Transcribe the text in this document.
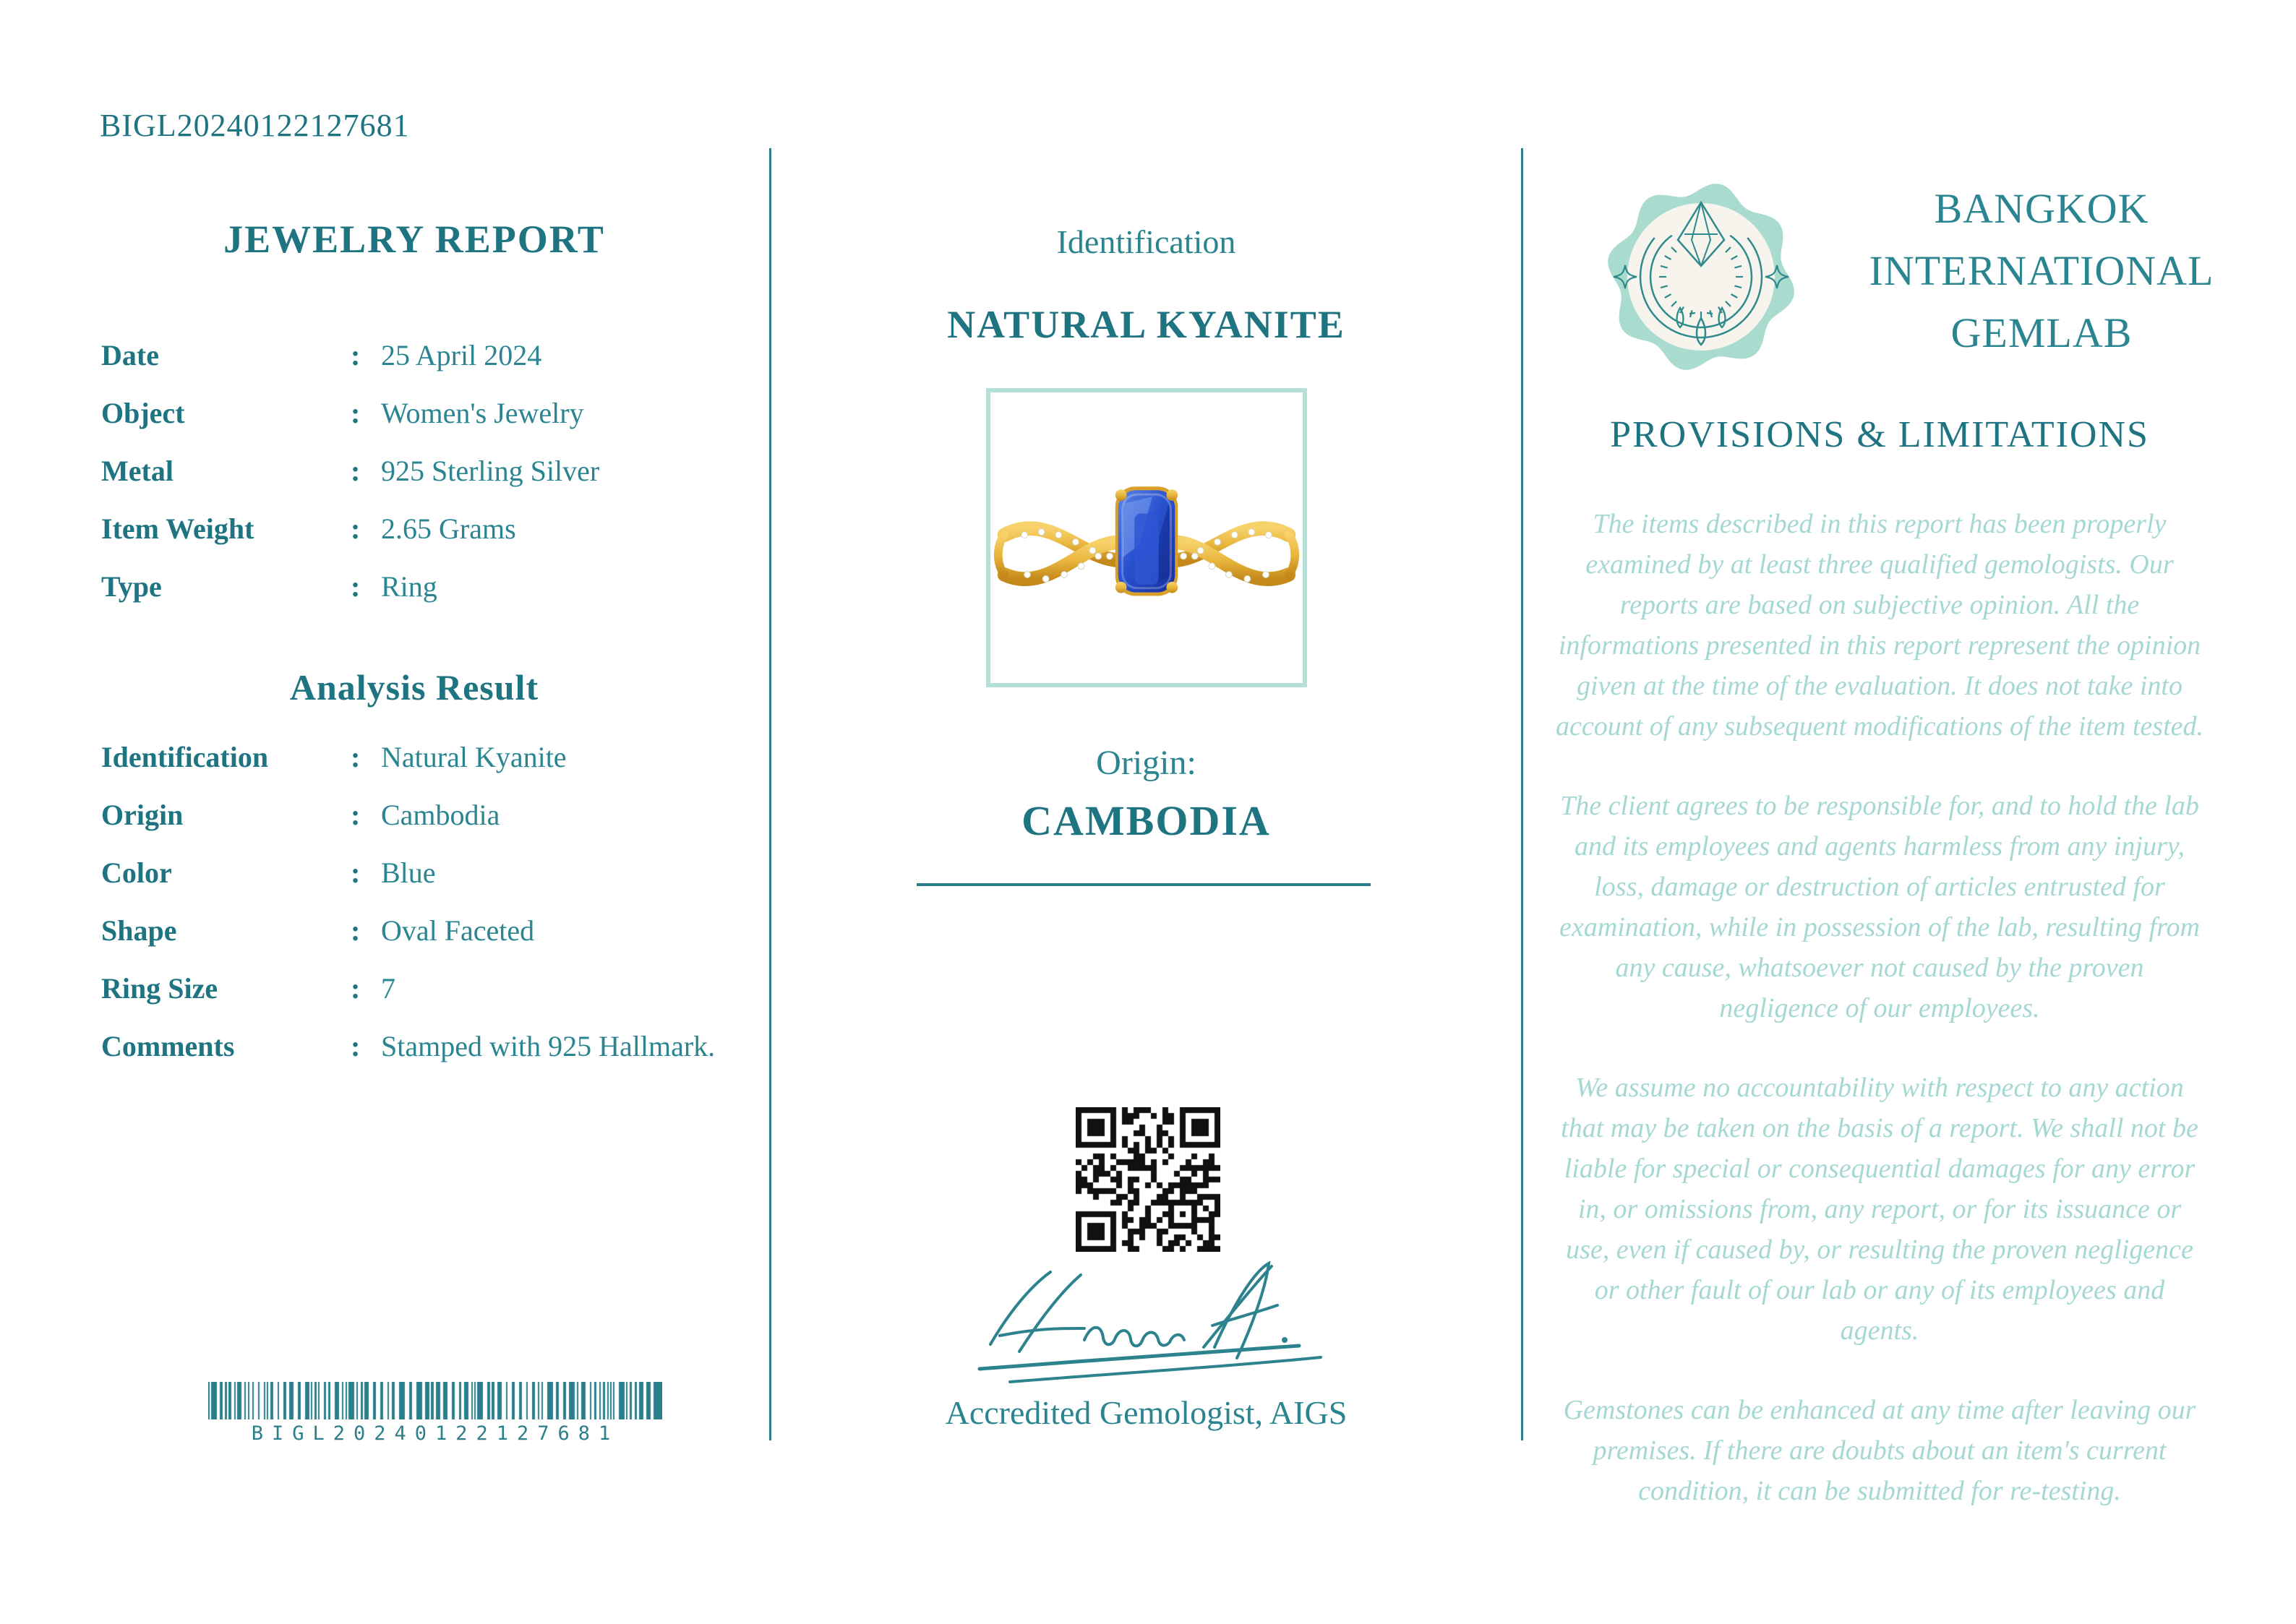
BIGL20240122127681
JEWELRY REPORT
Date	: 25 April 2024
Object	: Women's Jewelry
Metal	: 925 Sterling Silver
Item Weight	: 2.65 Grams
Type	: Ring
Analysis Result
Identification	: Natural Kyanite
Origin	: Cambodia
Color	: Blue
Shape	: Oval Faceted
Ring Size	: 7
Comments	: Stamped with 925 Hallmark.
BIGL20240122127681
Identification
NATURAL KYANITE
Origin:
CAMBODIA
Accredited Gemologist, AIGS
BANGKOK
INTERNATIONAL
GEMLAB
PROVISIONS & LIMITATIONS

The items described in this report has been properly examined by at least three qualified gemologists. Our reports are based on subjective opinion. All the informations presented in this report represent the opinion given at the time of the evaluation. It does not take into account of any subsequent modifications of the item tested.

The client agrees to be responsible for, and to hold the lab and its employees and agents harmless from any injury, loss, damage or destruction of articles entrusted for examination, while in possession of the lab, resulting from any cause, whatsoever not caused by the proven negligence of our employees.

We assume no accountability with respect to any action that may be taken on the basis of a report. We shall not be liable for special or consequential damages for any error in, or omissions from, any report, or for its issuance or use, even if caused by, or resulting the proven negligence or other fault of our lab or any of its employees and agents.

Gemstones can be enhanced at any time after leaving our premises. If there are doubts about an item's current condition, it can be submitted for re-testing.
